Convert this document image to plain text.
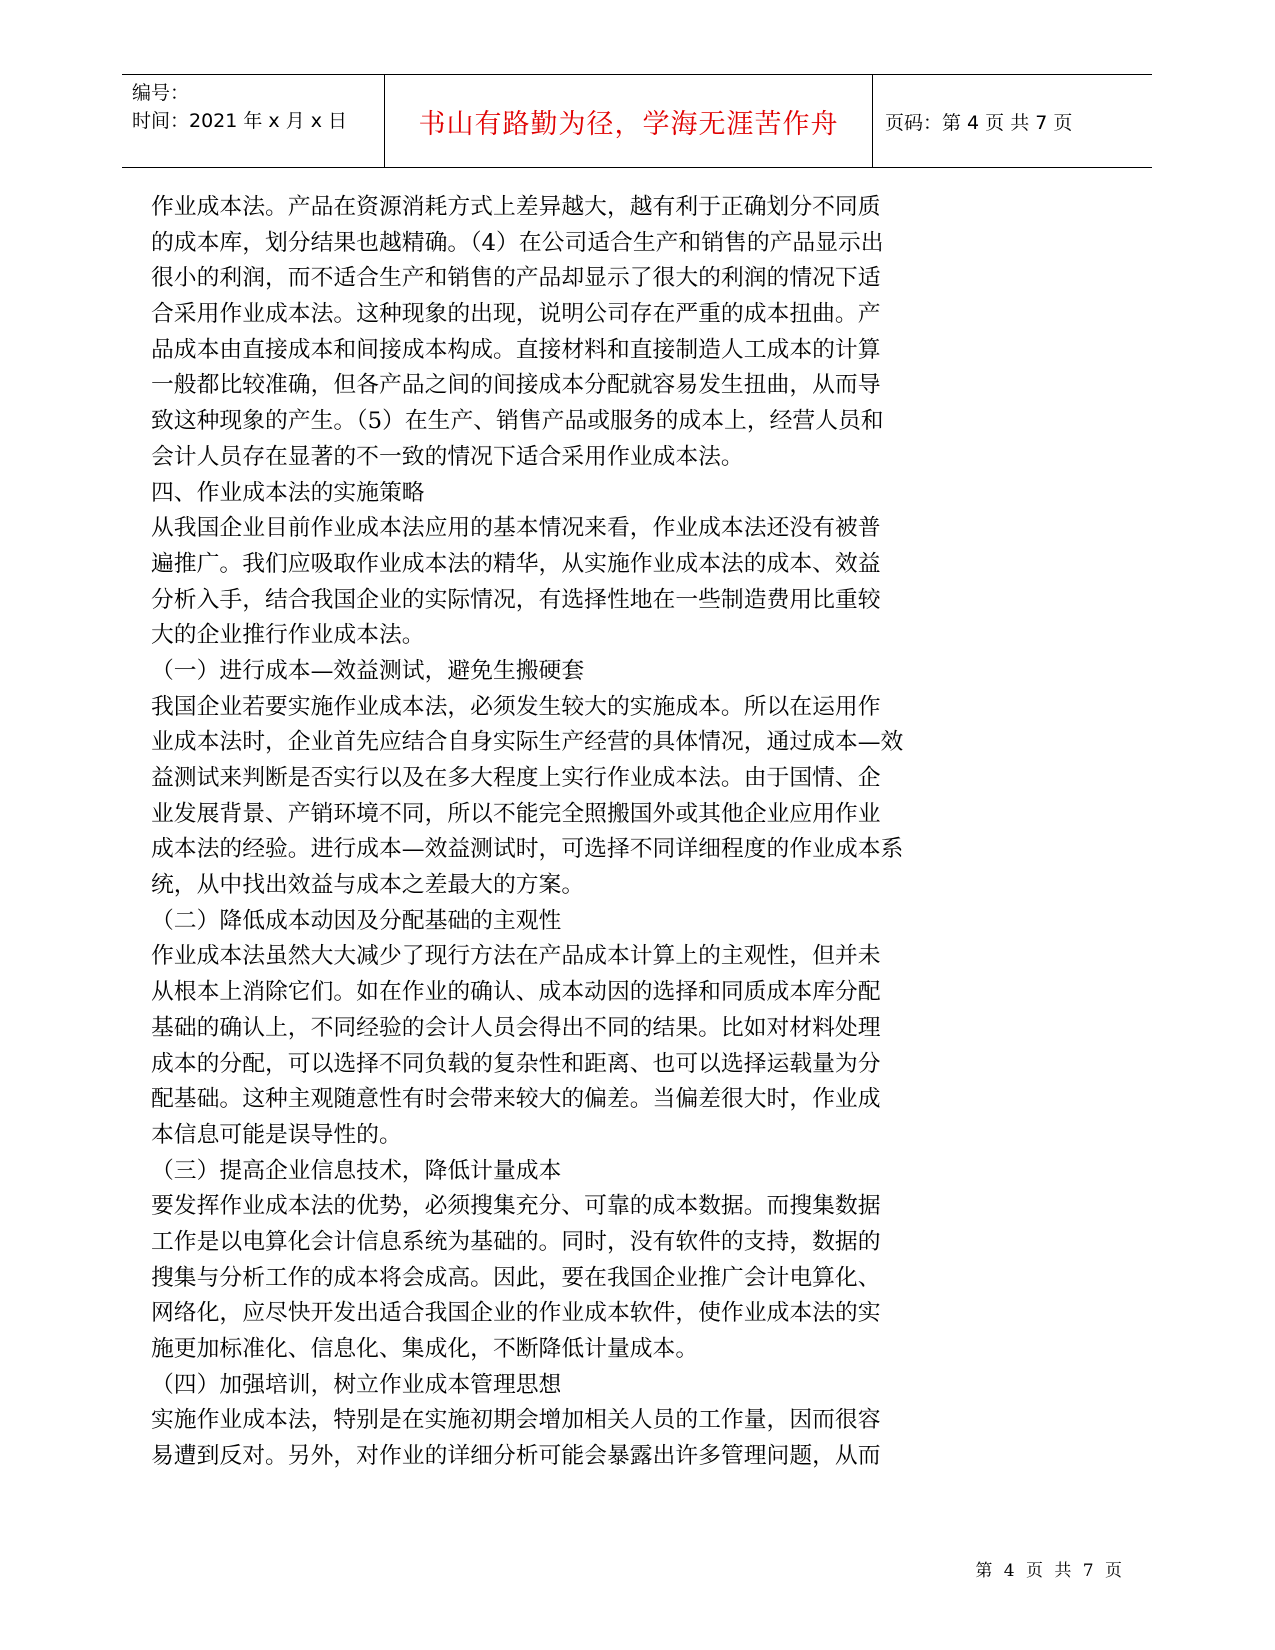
编号：
时间：2021 年 x 月 x 日	书山有路勤为径，学海无涯苦作舟	页码：第 4 页 共 7 页
作业成本法。产品在资源消耗方式上差异越大，越有利于正确划分不同质
的成本库，划分结果也越精确。（4）在公司适合生产和销售的产品显示出
很小的利润，而不适合生产和销售的产品却显示了很大的利润的情况下适
合采用作业成本法。这种现象的出现，说明公司存在严重的成本扭曲。产
品成本由直接成本和间接成本构成。直接材料和直接制造人工成本的计算
一般都比较准确，但各产品之间的间接成本分配就容易发生扭曲，从而导
致这种现象的产生。（5）在生产、销售产品或服务的成本上，经营人员和
会计人员存在显著的不一致的情况下适合采用作业成本法。
四、作业成本法的实施策略
从我国企业目前作业成本法应用的基本情况来看，作业成本法还没有被普
遍推广。我们应吸取作业成本法的精华，从实施作业成本法的成本、效益
分析入手，结合我国企业的实际情况，有选择性地在一些制造费用比重较
大的企业推行作业成本法。
（一）进行成本—效益测试，避免生搬硬套
我国企业若要实施作业成本法，必须发生较大的实施成本。所以在运用作
业成本法时，企业首先应结合自身实际生产经营的具体情况，通过成本—效
益测试来判断是否实行以及在多大程度上实行作业成本法。由于国情、企
业发展背景、产销环境不同，所以不能完全照搬国外或其他企业应用作业
成本法的经验。进行成本—效益测试时，可选择不同详细程度的作业成本系
统，从中找出效益与成本之差最大的方案。
（二）降低成本动因及分配基础的主观性
作业成本法虽然大大减少了现行方法在产品成本计算上的主观性，但并未
从根本上消除它们。如在作业的确认、成本动因的选择和同质成本库分配
基础的确认上，不同经验的会计人员会得出不同的结果。比如对材料处理
成本的分配，可以选择不同负载的复杂性和距离、也可以选择运载量为分
配基础。这种主观随意性有时会带来较大的偏差。当偏差很大时，作业成
本信息可能是误导性的。
（三）提高企业信息技术，降低计量成本
要发挥作业成本法的优势，必须搜集充分、可靠的成本数据。而搜集数据
工作是以电算化会计信息系统为基础的。同时，没有软件的支持，数据的
搜集与分析工作的成本将会成高。因此，要在我国企业推广会计电算化、
网络化，应尽快开发出适合我国企业的作业成本软件，使作业成本法的实
施更加标准化、信息化、集成化，不断降低计量成本。
（四）加强培训，树立作业成本管理思想
实施作业成本法，特别是在实施初期会增加相关人员的工作量，因而很容
易遭到反对。另外，对作业的详细分析可能会暴露出许多管理问题，从而
第 4 页 共 7 页
